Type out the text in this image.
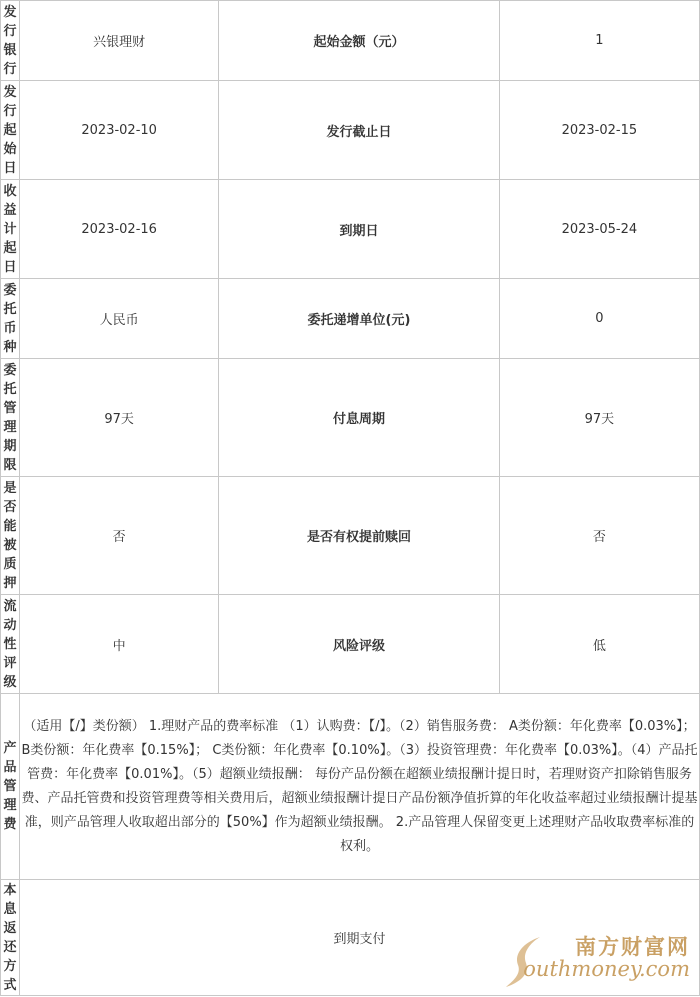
发行银行	兴银理财	起始金额（元）	1
发行起始日	2023-02-10	发行截止日	2023-02-15
收益计起日	2023-02-16	到期日	2023-05-24
委托币种	人民币	委托递增单位(元)	0
委托管理期限	97天	付息周期	97天
是否能被质押	否	是否有权提前赎回	否
流动性评级	中	风险评级	低
产品管理费	（适用【/】类份额） 1.理财产品的费率标准 （1）认购费：【/】。（2）销售服务费： A类份额：年化费率【0.03%】； B类份额：年化费率【0.15%】； C类份额：年化费率【0.10%】。（3）投资管理费：年化费率【0.03%】。（4）产品托管费：年化费率【0.01%】。（5）超额业绩报酬： 每份产品份额在超额业绩报酬计提日时，若理财资产扣除销售服务费、产品托管费和投资管理费等相关费用后，超额业绩报酬计提日产品份额净值折算的年化收益率超过业绩报酬计提基准，则产品管理人收取超出部分的【50%】作为超额业绩报酬。 2.产品管理人保留变更上述理财产品收取费率标准的权利。		
本息返还方式	到期支付			南方财富网
outhmoney.com
